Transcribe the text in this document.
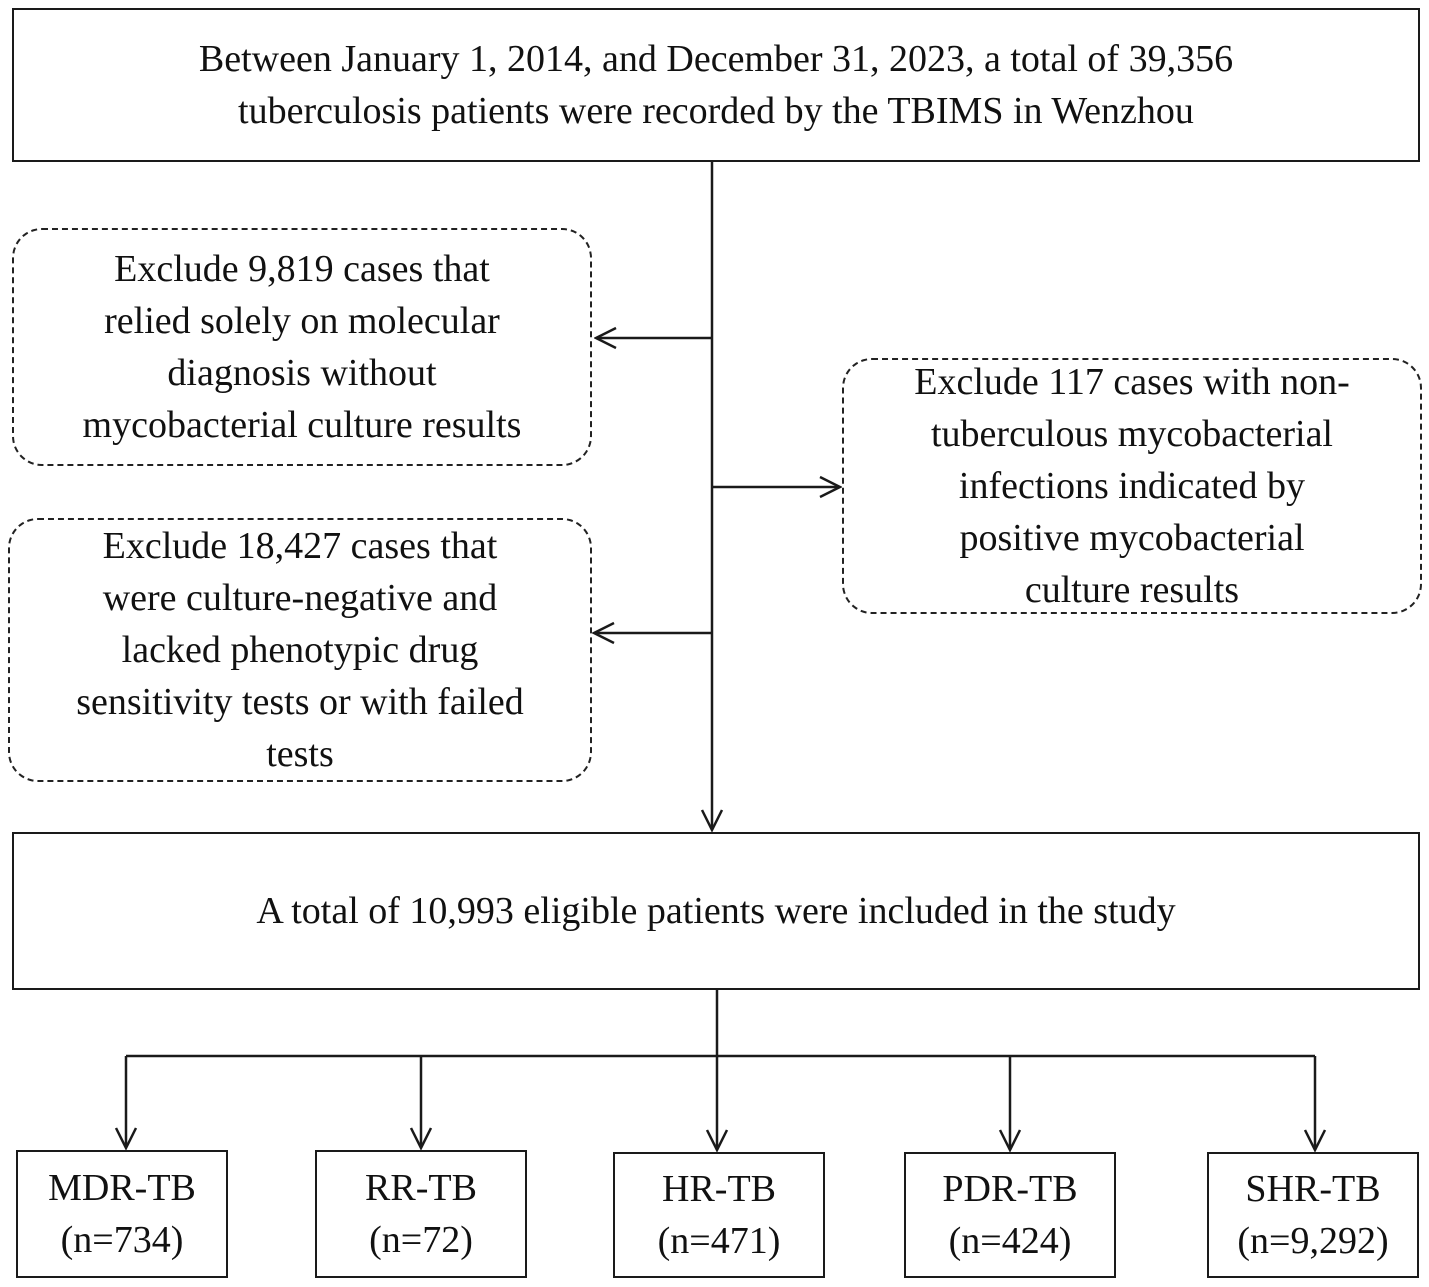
Between January 1, 2014, and December 31, 2023, a total of 39,356
tuberculosis patients were recorded by the TBIMS in Wenzhou
Exclude 9,819 cases that
relied solely on molecular
diagnosis without
mycobacterial culture results
Exclude 18,427 cases that
were culture-negative and
lacked phenotypic drug
sensitivity tests or with failed
tests
Exclude 117 cases with non-
tuberculous mycobacterial
infections indicated by
positive mycobacterial
culture results
A total of 10,993 eligible patients were included in the study
MDR-TB
(n=734)
RR-TB
(n=72)
HR-TB
(n=471)
PDR-TB
(n=424)
SHR-TB
(n=9,292)
